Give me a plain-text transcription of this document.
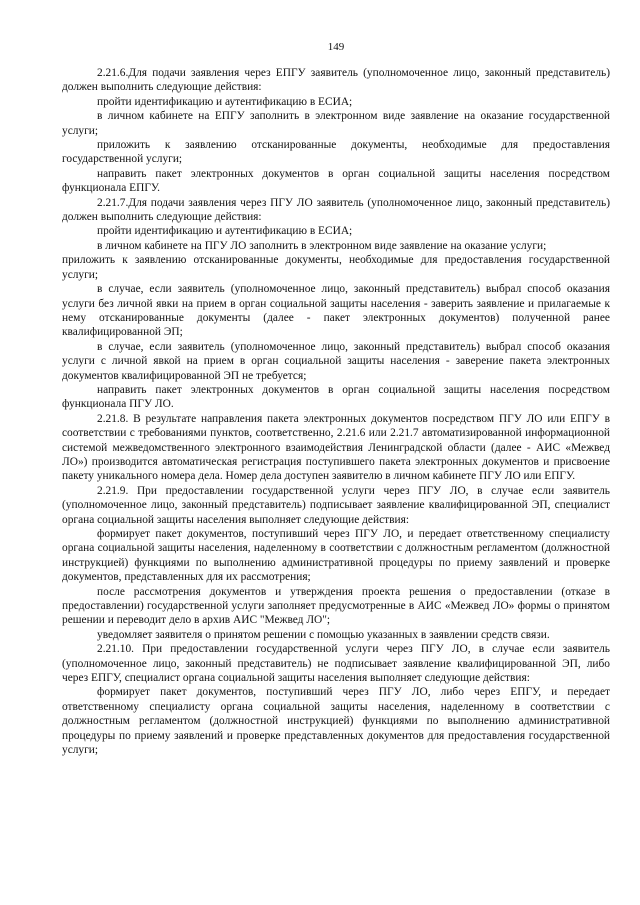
149

2.21.6.Для подачи заявления через ЕПГУ заявитель (уполномоченное лицо, законный представитель) должен выполнить следующие действия:

пройти идентификацию и аутентификацию в ЕСИА;

в личном кабинете на ЕПГУ заполнить в электронном виде заявление на оказание государственной услуги;

приложить к заявлению отсканированные документы, необходимые для предоставления государственной услуги;

направить пакет электронных документов в орган социальной защиты населения посредством функционала ЕПГУ.

2.21.7.Для подачи заявления через ПГУ ЛО заявитель (уполномоченное лицо, законный представитель) должен выполнить следующие действия:

пройти идентификацию и аутентификацию в ЕСИА;

в личном кабинете на ПГУ ЛО заполнить в электронном виде заявление на оказание услуги;

приложить к заявлению отсканированные документы, необходимые для предоставления государственной услуги;

в случае, если заявитель (уполномоченное лицо, законный представитель) выбрал способ оказания услуги без личной явки на прием в орган социальной защиты населения - заверить заявление и прилагаемые к нему отсканированные документы (далее - пакет электронных документов) полученной ранее квалифицированной ЭП;

в случае, если заявитель (уполномоченное лицо, законный представитель) выбрал способ оказания услуги с личной явкой на прием в орган социальной защиты населения - заверение пакета электронных документов квалифицированной ЭП не требуется;

направить пакет электронных документов в орган социальной защиты населения посредством функционала ПГУ ЛО.

2.21.8. В результате направления пакета электронных документов посредством ПГУ ЛО или ЕПГУ в соответствии с требованиями пунктов, соответственно, 2.21.6 или 2.21.7 автоматизированной информационной системой межведомственного электронного взаимодействия Ленинградской области (далее - АИС «Межвед ЛО») производится автоматическая регистрация поступившего пакета электронных документов и присвоение пакету уникального номера дела. Номер дела доступен заявителю в личном кабинете ПГУ ЛО или ЕПГУ.

2.21.9. При предоставлении государственной услуги через ПГУ ЛО, в случае если заявитель (уполномоченное лицо, законный представитель) подписывает заявление квалифицированной ЭП, специалист органа социальной защиты населения выполняет следующие действия:

формирует пакет документов, поступивший через ПГУ ЛО, и передает ответственному специалисту органа социальной защиты населения, наделенному в соответствии с должностным регламентом (должностной инструкцией) функциями по выполнению административной процедуры по приему заявлений и проверке документов, представленных для их рассмотрения;

после рассмотрения документов и утверждения проекта решения о предоставлении (отказе в предоставлении) государственной услуги заполняет предусмотренные в АИС «Межвед ЛО» формы о принятом решении и переводит дело в архив АИС "Межвед ЛО";

уведомляет заявителя о принятом решении с помощью указанных в заявлении средств связи.

2.21.10. При предоставлении государственной услуги через ПГУ ЛО, в случае если заявитель (уполномоченное лицо, законный представитель) не подписывает заявление квалифицированной ЭП, либо через ЕПГУ, специалист органа социальной защиты населения выполняет следующие действия:

формирует пакет документов, поступивший через ПГУ ЛО, либо через ЕПГУ, и передает ответственному специалисту органа социальной защиты населения, наделенному в соответствии с должностным регламентом (должностной инструкцией) функциями по выполнению административной процедуры по приему заявлений и проверке представленных документов для предоставления государственной услуги;
